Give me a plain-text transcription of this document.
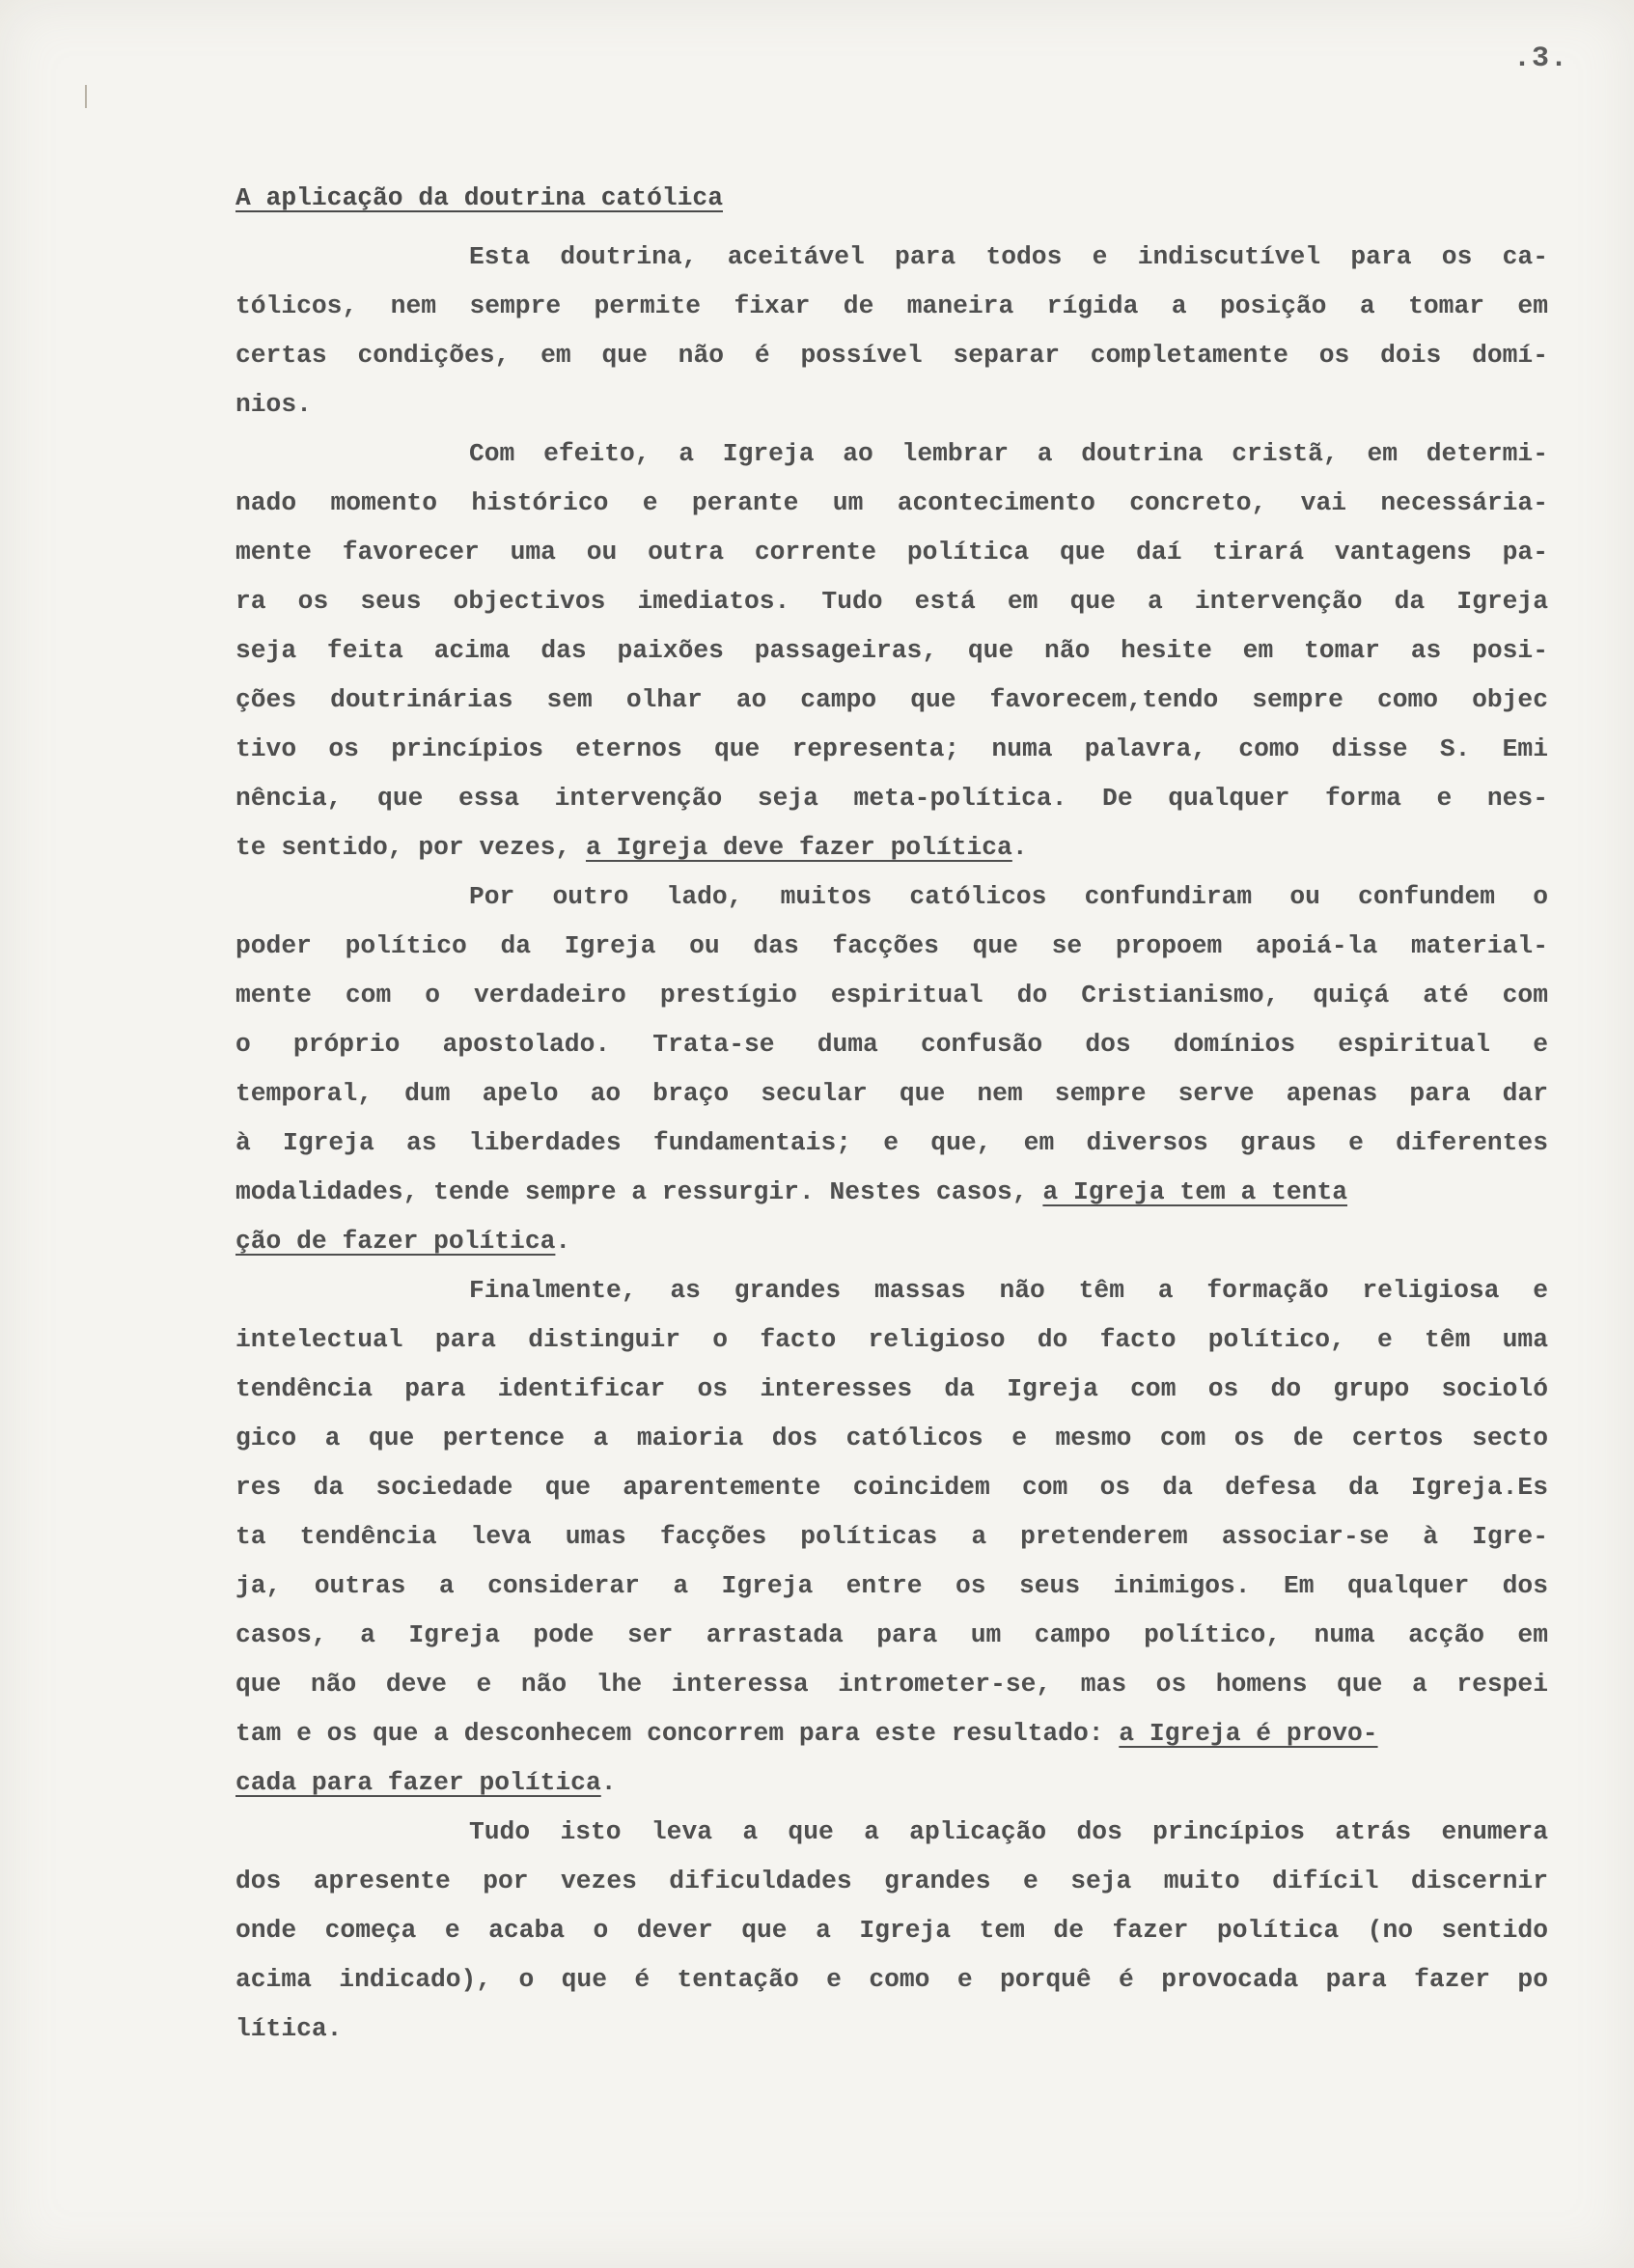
.3.
A aplicação da doutrina católica
Esta doutrina, aceitável para todos e indiscutível para os ca-
tólicos, nem sempre permite fixar de maneira rígida a posição a tomar em
certas condições, em que não é possível separar completamente os dois domí-
nios.
Com efeito, a Igreja ao lembrar a doutrina cristã, em determi-
nado momento histórico e perante um acontecimento concreto, vai necessária-
mente favorecer uma ou outra corrente política que daí tirará vantagens pa-
ra os seus objectivos imediatos. Tudo está em que a intervenção da Igreja
seja feita acima das paixões passageiras, que não hesite em tomar as posi-
ções doutrinárias sem olhar ao campo que favorecem,tendo sempre como objec
tivo os princípios eternos que representa; numa palavra, como disse S. Emi
nência, que essa intervenção seja meta-política. De qualquer forma e nes-
te sentido, por vezes, a Igreja deve fazer política.
Por outro lado, muitos católicos confundiram ou confundem o
poder político da Igreja ou das facções que se propoem apoiá-la material-
mente com o verdadeiro prestígio espiritual do Cristianismo, quiçá até com
o próprio apostolado. Trata-se duma confusão dos domínios espiritual e
temporal, dum apelo ao braço secular que nem sempre serve apenas para dar
à Igreja as liberdades fundamentais; e que, em diversos graus e diferentes
modalidades, tende sempre a ressurgir. Nestes casos, a Igreja tem a tenta
ção de fazer política.
Finalmente, as grandes massas não têm a formação religiosa e
intelectual para distinguir o facto religioso do facto político, e têm uma
tendência para identificar os interesses da Igreja com os do grupo socioló
gico a que pertence a maioria dos católicos e mesmo com os de certos secto
res da sociedade que aparentemente coincidem com os da defesa da Igreja.Es
ta tendência leva umas facções políticas a pretenderem associar-se à Igre-
ja, outras a considerar a Igreja entre os seus inimigos. Em qualquer dos
casos, a Igreja pode ser arrastada para um campo político, numa acção em
que não deve e não lhe interessa intrometer-se, mas os homens que a respei
tam e os que a desconhecem concorrem para este resultado: a Igreja é provo-
cada para fazer política.
Tudo isto leva a que a aplicação dos princípios atrás enumera
dos apresente por vezes dificuldades grandes e seja muito difícil discernir
onde começa e acaba o dever que a Igreja tem de fazer política (no sentido
acima indicado), o que é tentação e como e porquê é provocada para fazer po
lítica.
